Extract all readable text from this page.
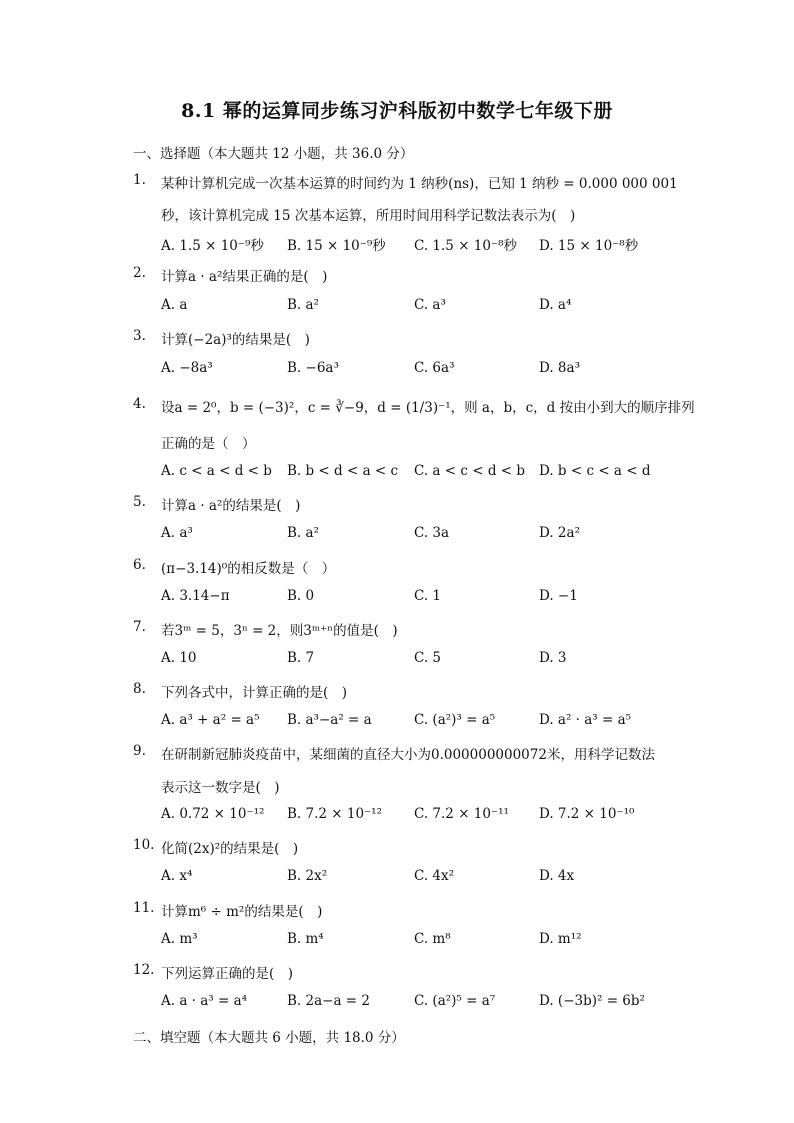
8.1 幂的运算同步练习沪科版初中数学七年级下册
一、选择题（本大题共 12 小题，共 36.0 分）
1.	某种计算机完成一次基本运算的时间约为 1 纳秒(ns)，已知 1 纳秒 = 0.000 000 001
秒，该计算机完成 15 次基本运算，所用时间用科学记数法表示为(　)
A. 1.5 × 10⁻⁹秒 B. 15 × 10⁻⁹秒 C. 1.5 × 10⁻⁸秒 D. 15 × 10⁻⁸秒
2.	计算a · a²结果正确的是(　)
A. a	B. a²	C. a³	D. a⁴
3.	计算(−2a)³的结果是(　)
A. −8a³	B. −6a³	C. 6a³	D. 8a³
4.	设a = 2⁰，b = (−3)²，c = ∛−9，d = (1/3)⁻¹，则 a，b，c，d 按由小到大的顺序排列
正确的是（　）
A. c < a < d < b B. b < d < a < c C. a < c < d < b D. b < c < a < d
5.	计算a · a²的结果是(　)
A. a³	B. a²	C. 3a	D. 2a²
6.	(π−3.14)⁰的相反数是（　）
A. 3.14−π	B. 0	C. 1	D. −1
7.	若3ᵐ = 5，3ⁿ = 2，则3ᵐ⁺ⁿ的值是(　)
A. 10	B. 7	C. 5	D. 3
8.	下列各式中，计算正确的是(　)
A. a³ + a² = a⁵ B. a³−a² = a	C. (a²)³ = a⁵	D. a² · a³ = a⁵
9.	在研制新冠肺炎疫苗中，某细菌的直径大小为0.000000000072米，用科学记数法
表示这一数字是(　)
A. 0.72 × 10⁻¹² B. 7.2 × 10⁻¹² C. 7.2 × 10⁻¹¹ D. 7.2 × 10⁻¹⁰
10. 化简(2x)²的结果是(　)
A. x⁴	B. 2x²	C. 4x²	D. 4x
11. 计算m⁶ ÷ m²的结果是(　)
A. m³	B. m⁴	C. m⁸	D. m¹²
12. 下列运算正确的是(　)
A. a · a³ = a⁴	B. 2a−a = 2	C. (a²)⁵ = a⁷	D. (−3b)² = 6b²
二、填空题（本大题共 6 小题，共 18.0 分）
